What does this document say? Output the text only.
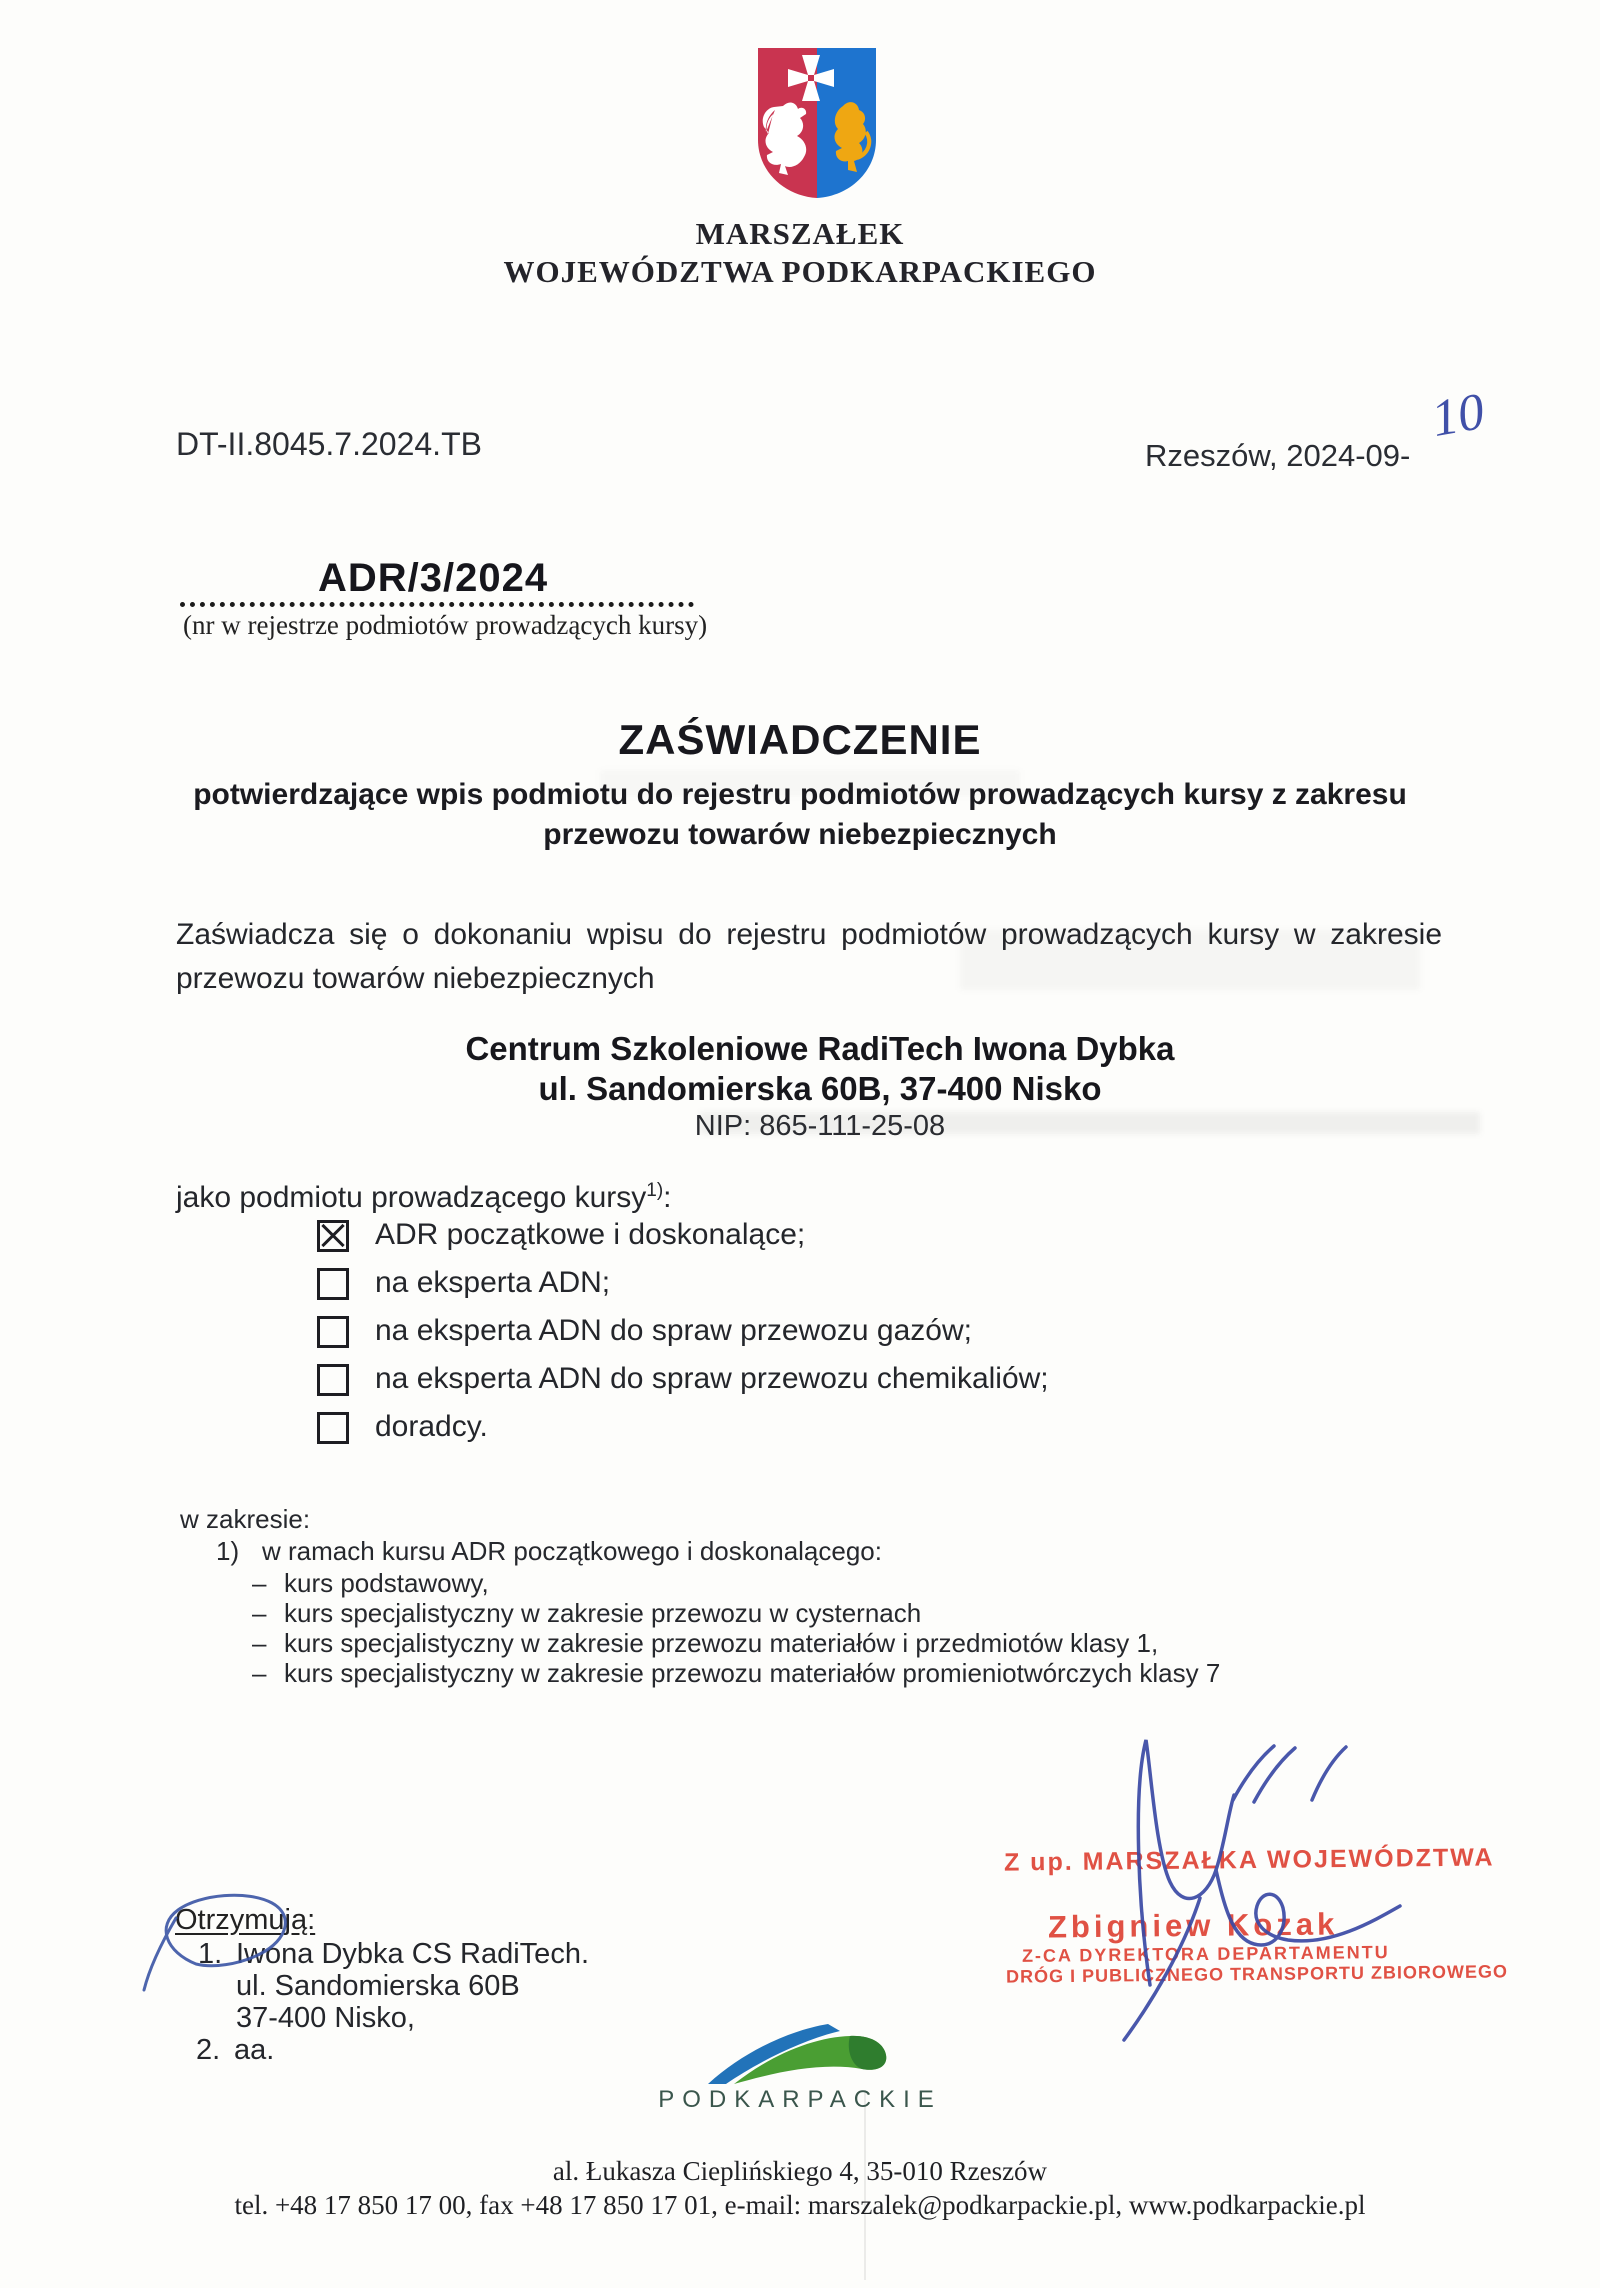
MARSZAŁEK
WOJEWÓDZTWA PODKARPACKIEGO
DT-II.8045.7.2024.TB	Rzeszów, 2024-09-
10
ADR/3/2024
(nr w rejestrze podmiotów prowadzących kursy)
ZAŚWIADCZENIE
potwierdzające wpis podmiotu do rejestru podmiotów prowadzących kursy z zakresu
przewozu towarów niebezpiecznych
Zaświadcza się o dokonaniu wpisu do rejestru podmiotów prowadzących kursy w zakresie
przewozu towarów niebezpiecznych
Centrum Szkoleniowe RadiTech Iwona Dybka
ul. Sandomierska 60B, 37-400 Nisko
NIP: 865-111-25-08
jako podmiotu prowadzącego kursy$^{1)}$:
ADR początkowe i doskonalące;
na eksperta ADN;
na eksperta ADN do spraw przewozu gazów;
na eksperta ADN do spraw przewozu chemikaliów;
doradcy.
w zakresie:
1) w ramach kursu ADR początkowego i doskonalącego:
– kurs podstawowy,
– kurs specjalistyczny w zakresie przewozu w cysternach
– kurs specjalistyczny w zakresie przewozu materiałów i przedmiotów klasy 1,
– kurs specjalistyczny w zakresie przewozu materiałów promieniotwórczych klasy 7
Z up. MARSZAŁKA WOJEWÓDZTWA
Zbigniew Kozak
Z-CA DYREKTORA DEPARTAMENTU
DRÓG I PUBLICZNEGO TRANSPORTU ZBIOROWEGO
Otrzymują:
1. Iwona Dybka CS RadiTech.
ul. Sandomierska 60B
37-400 Nisko,
2. aa.
PODKARPACKIE
al. Łukasza Cieplińskiego 4, 35-010 Rzeszów
tel. +48 17 850 17 00, fax +48 17 850 17 01, e-mail: marszalek@podkarpackie.pl, www.podkarpackie.pl
